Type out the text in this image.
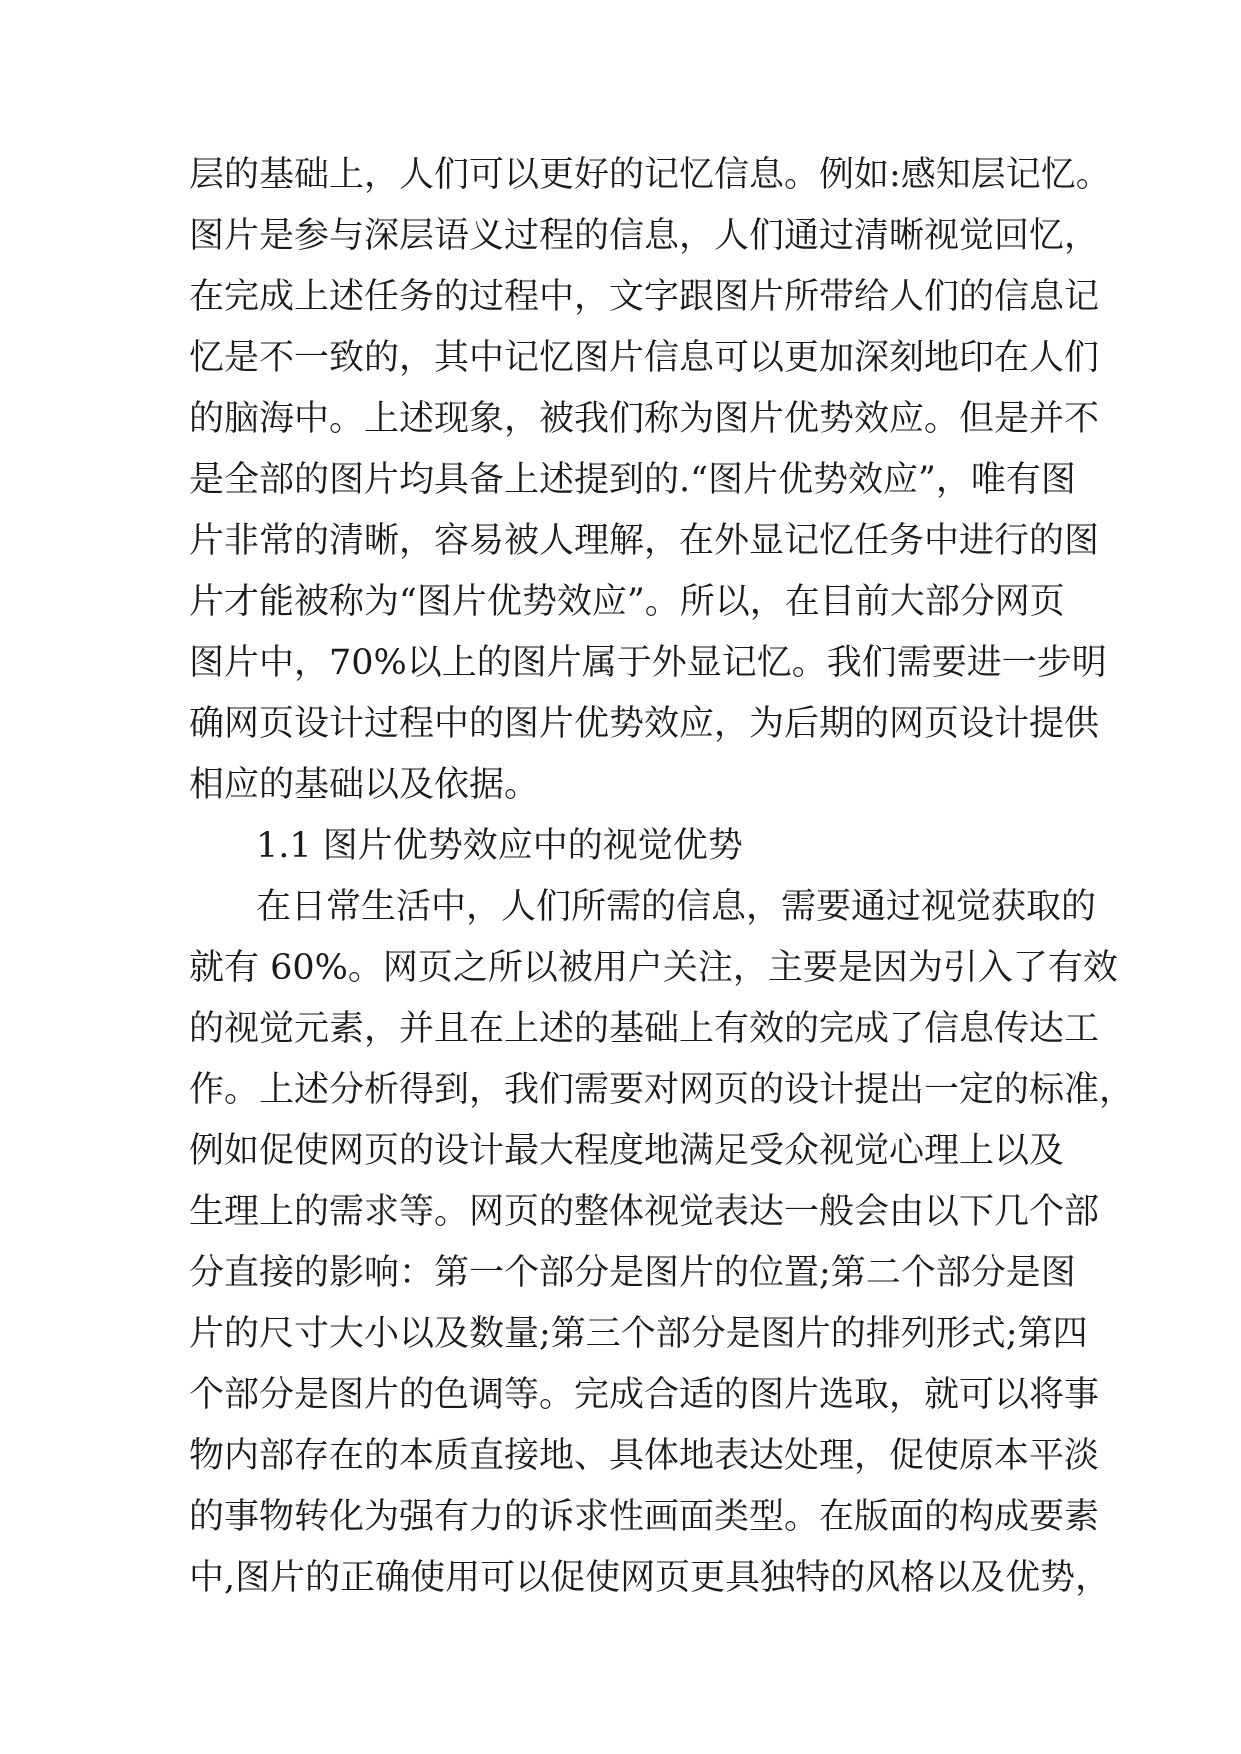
层的基础上，人们可以更好的记忆信息。例如:感知层记忆。
图片是参与深层语义过程的信息，人们通过清晰视觉回忆，
在完成上述任务的过程中，文字跟图片所带给人们的信息记
忆是不一致的，其中记忆图片信息可以更加深刻地印在人们
的脑海中。上述现象，被我们称为图片优势效应。但是并不
是全部的图片均具备上述提到的.“图片优势效应”，唯有图
片非常的清晰，容易被人理解，在外显记忆任务中进行的图
片才能被称为“图片优势效应”。所以，在目前大部分网页
图片中，70%以上的图片属于外显记忆。我们需要进一步明
确网页设计过程中的图片优势效应，为后期的网页设计提供
相应的基础以及依据。
1.1 图片优势效应中的视觉优势
在日常生活中，人们所需的信息，需要通过视觉获取的
就有 60%。网页之所以被用户关注，主要是因为引入了有效
的视觉元素，并且在上述的基础上有效的完成了信息传达工
作。上述分析得到，我们需要对网页的设计提出一定的标准，
例如促使网页的设计最大程度地满足受众视觉心理上以及
生理上的需求等。网页的整体视觉表达一般会由以下几个部
分直接的影响：第一个部分是图片的位置;第二个部分是图
片的尺寸大小以及数量;第三个部分是图片的排列形式;第四
个部分是图片的色调等。完成合适的图片选取，就可以将事
物内部存在的本质直接地、具体地表达处理，促使原本平淡
的事物转化为强有力的诉求性画面类型。在版面的构成要素
中,图片的正确使用可以促使网页更具独特的风格以及优势，
